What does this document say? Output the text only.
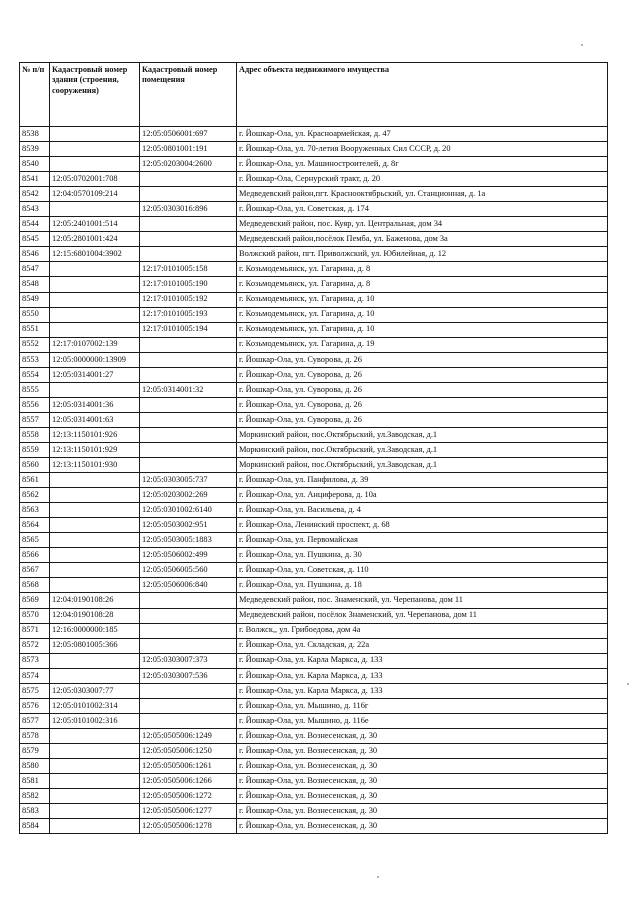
№ п/п	Кадастровый номер здания (строения, сооружения)	Кадастровый номер помещения	Адрес объекта недвижимого имущества
8538		12:05:0506001:697	г. Йошкар-Ола, ул. Красноармейская, д. 47
8539		12:05:0801001:191	г. Йошкар-Ола, ул. 70-летия Вооруженных Сил СССР, д. 20
8540		12:05:0203004:2600	г. Йошкар-Ола, ул. Машиностроителей, д. 8г
8541	12:05:0702001:708		г. Йошкар-Ола, Сернурский тракт, д. 20
8542	12:04:0570109:214		Медведевский район,пгт. Краснооктябрьский, ул. Станционная, д. 1а
8543		12:05:0303016:896	г. Йошкар-Ола, ул. Советская, д. 174
8544	12:05:2401001:514		Медведевский район, пос. Куяр, ул. Центральная, дом 34
8545	12:05:2801001:424		Медведевский район,посёлок Пемба, ул. Баженова, дом 3а
8546	12:15:6801004:3902		Волжский район, пгт. Приволжский, ул. Юбилейная, д. 12
8547		12:17:0101005:158	г. Козьмодемьянск, ул. Гагарина, д. 8
8548		12:17:0101005:190	г. Козьмодемьянск, ул. Гагарина, д. 8
8549		12:17:0101005:192	г. Козьмодемьянск, ул. Гагарина, д. 10
8550		12:17:0101005:193	г. Козьмодемьянск, ул. Гагарина, д. 10
8551		12:17:0101005:194	г. Козьмодемьянск, ул. Гагарина, д. 10
8552	12:17:0107002:139		г. Козьмодемьянск, ул. Гагарина, д. 19
8553	12:05:0000000:13909		г. Йошкар-Ола, ул. Суворова, д. 26
8554	12:05:0314001:27		г. Йошкар-Ола, ул. Суворова, д. 26
8555		12:05:0314001:32	г. Йошкар-Ола, ул. Суворова, д. 26
8556	12:05:0314001:36		г. Йошкар-Ола, ул. Суворова, д. 26
8557	12:05:0314001:63		г. Йошкар-Ола, ул. Суворова, д. 26
8558	12:13:1150101:926		Моркинский район, пос.Октябрьский, ул.Заводская, д.1
8559	12:13:1150101:929		Моркинский район, пос.Октябрьский, ул.Заводская, д.1
8560	12:13:1150101:930		Моркинский район, пос.Октябрьский, ул.Заводская, д.1
8561		12:05:0303005:737	г. Йошкар-Ола, ул. Панфилова, д. 39
8562		12:05:0203002:269	г. Йошкар-Ола, ул. Анциферова, д. 10а
8563		12:05:0301002:6140	г. Йошкар-Ола, ул. Васильева, д. 4
8564		12:05:0503002:951	г. Йошкар-Ола, Ленинский проспект, д. 68
8565		12:05:0503005:1883	г. Йошкар-Ола, ул. Первомайская
8566		12:05:0506002:499	г. Йошкар-Ола, ул. Пушкина, д. 30
8567		12:05:0506005:560	г. Йошкар-Ола, ул. Советская, д. 110
8568		12:05:0506006:840	г. Йошкар-Ола, ул. Пушкина, д. 18
8569	12:04:0190108:26		Медведевский район, пос. Знаменский, ул. Черепанова, дом 11
8570	12:04:0190108:28		Медведевский район, посёлок Знаменский, ул. Черепанова, дом 11
8571	12:16:0000000:185		г. Волжск,, ул. Грибоедова, дом 4а
8572	12:05:0801005:366		г. Йошкар-Ола, ул. Складская, д. 22а
8573		12:05:0303007:373	г. Йошкар-Ола, ул. Карла Маркса, д. 133
8574		12:05:0303007:536	г. Йошкар-Ола, ул. Карла Маркса, д. 133
8575	12:05:0303007:77		г. Йошкар-Ола, ул. Карла Маркса, д. 133
8576	12:05:0101002:314		г. Йошкар-Ола, ул. Мышино, д. 116г
8577	12:05:0101002:316		г. Йошкар-Ола, ул. Мышино, д. 116е
8578		12:05:0505006:1249	г. Йошкар-Ола, ул. Вознесенская, д. 30
8579		12:05:0505006:1250	г. Йошкар-Ола, ул. Вознесенская, д. 30
8580		12:05:0505006:1261	г. Йошкар-Ола, ул. Вознесенская, д. 30
8581		12:05:0505006:1266	г. Йошкар-Ола, ул. Вознесенская, д. 30
8582		12:05:0505006:1272	г. Йошкар-Ола, ул. Вознесенская, д. 30
8583		12:05:0505006:1277	г. Йошкар-Ола, ул. Вознесенская, д. 30
8584		12:05:0505006:1278	г. Йошкар-Ола, ул. Вознесенская, д. 30
